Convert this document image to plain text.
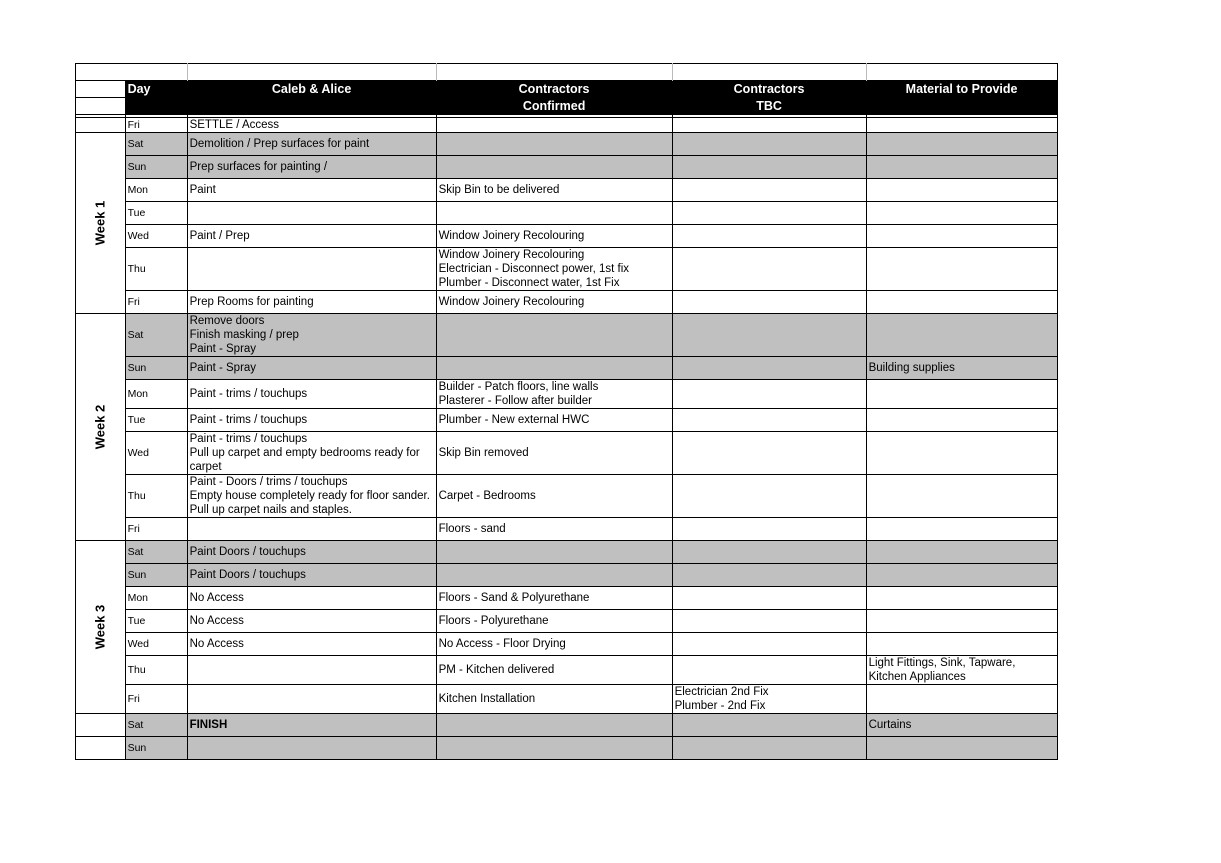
	Day	Caleb & Alice	Contractors	Contractors	Material to Provide
			Confirmed	TBC	

	Fri	SETTLE / Access			
Week 1	Sat	Demolition / Prep surfaces for paint			
	Sun	Prep surfaces for painting /			
	Mon	Paint	Skip Bin to be delivered		
	Tue				
	Wed	Paint / Prep	Window Joinery Recolouring		
	Thu		Window Joinery Recolouring
Electrician - Disconnect power, 1st fix
Plumber - Disconnect water, 1st Fix		

	Fri	Prep Rooms for painting	Window Joinery Recolouring		
Week 2	Sat	Remove doors
Finish masking / prep
Paint - Spray			

	Sun	Paint - Spray			Building supplies
	Mon	Paint - trims / touchups	Builder - Patch floors, line walls
Plasterer - Follow after builder		

	Tue	Paint - trims / touchups	Plumber - New external HWC		
	Wed	Paint - trims / touchups
Pull up carpet and empty bedrooms ready for
carpet	Skip Bin removed		
	Thu	Paint - Doors / trims / touchups
Empty house completely ready for floor sander.
Pull up carpet nails and staples.	Carpet - Bedrooms		
	Fri		Floors - sand		
Week 3	Sat	Paint Doors / touchups			
	Sun	Paint Doors / touchups			
	Mon	No Access	Floors - Sand & Polyurethane		
	Tue	No Access	Floors - Polyurethane		
	Wed	No Access	No Access - Floor Drying		
	Thu		PM - Kitchen delivered		Light Fittings, Sink, Tapware,
Kitchen Appliances

	Fri		Kitchen Installation	Electrician 2nd Fix
Plumber - 2nd Fix	

	Sat	FINISH			Curtains
	Sun				
